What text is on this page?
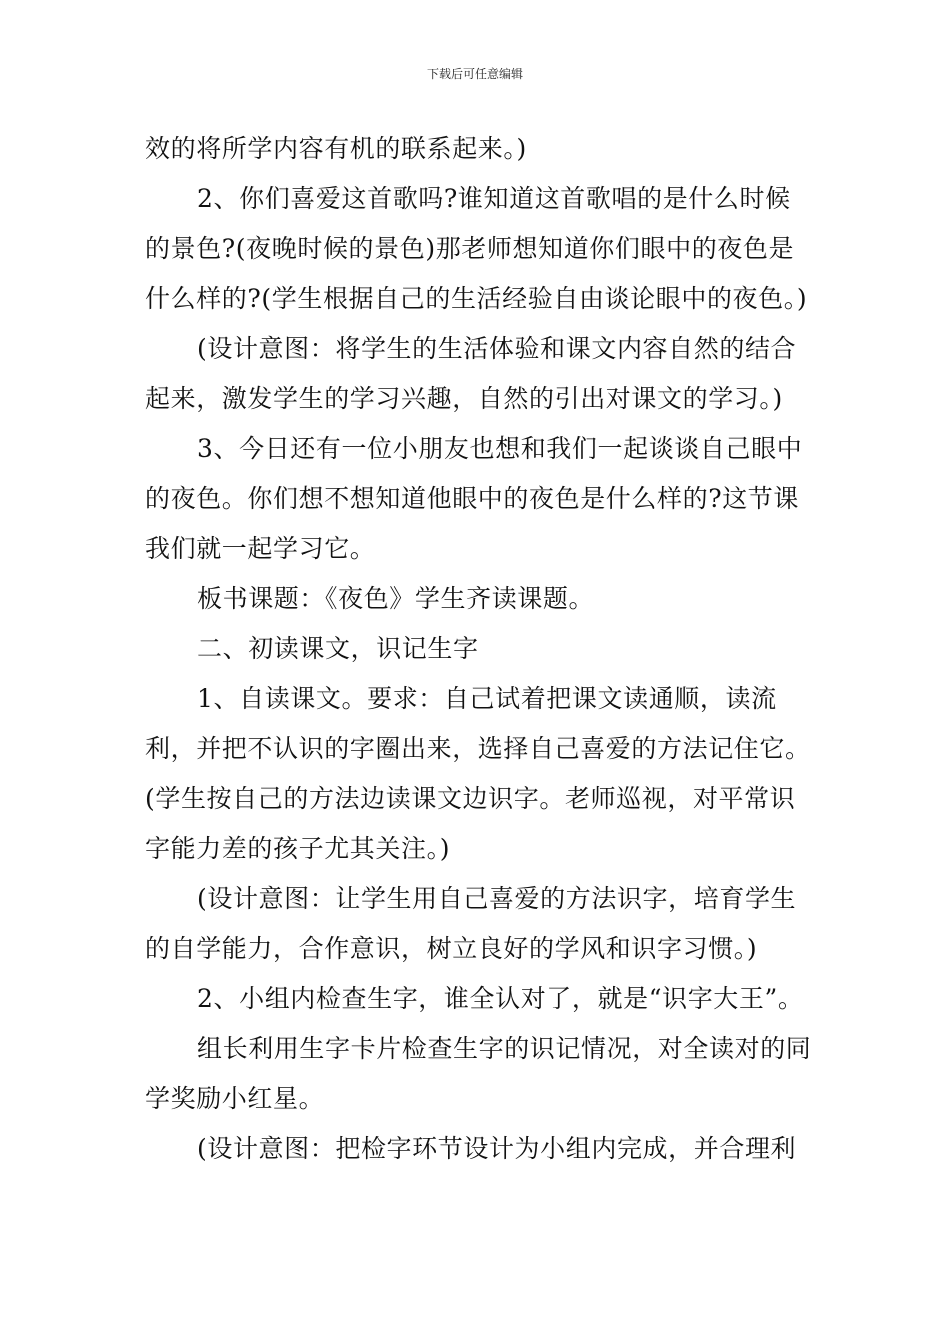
下载后可任意编辑

效的将所学内容有机的联系起来。)

2、你们喜爱这首歌吗?谁知道这首歌唱的是什么时候的景色?(夜晚时候的景色)那老师想知道你们眼中的夜色是什么样的?(学生根据自己的生活经验自由谈论眼中的夜色。)

(设计意图：将学生的生活体验和课文内容自然的结合起来，激发学生的学习兴趣，自然的引出对课文的学习。)

3、今日还有一位小朋友也想和我们一起谈谈自己眼中的夜色。你们想不想知道他眼中的夜色是什么样的?这节课我们就一起学习它。

板书课题：《夜色》学生齐读课题。

二、初读课文，识记生字

1、自读课文。要求：自己试着把课文读通顺，读流利，并把不认识的字圈出来，选择自己喜爱的方法记住它。(学生按自己的方法边读课文边识字。老师巡视，对平常识字能力差的孩子尤其关注。)

(设计意图：让学生用自己喜爱的方法识字，培育学生的自学能力，合作意识，树立良好的学风和识字习惯。)

2、小组内检查生字，谁全认对了，就是“识字大王”。

组长利用生字卡片检查生字的识记情况，对全读对的同学奖励小红星。

(设计意图：把检字环节设计为小组内完成，并合理利
